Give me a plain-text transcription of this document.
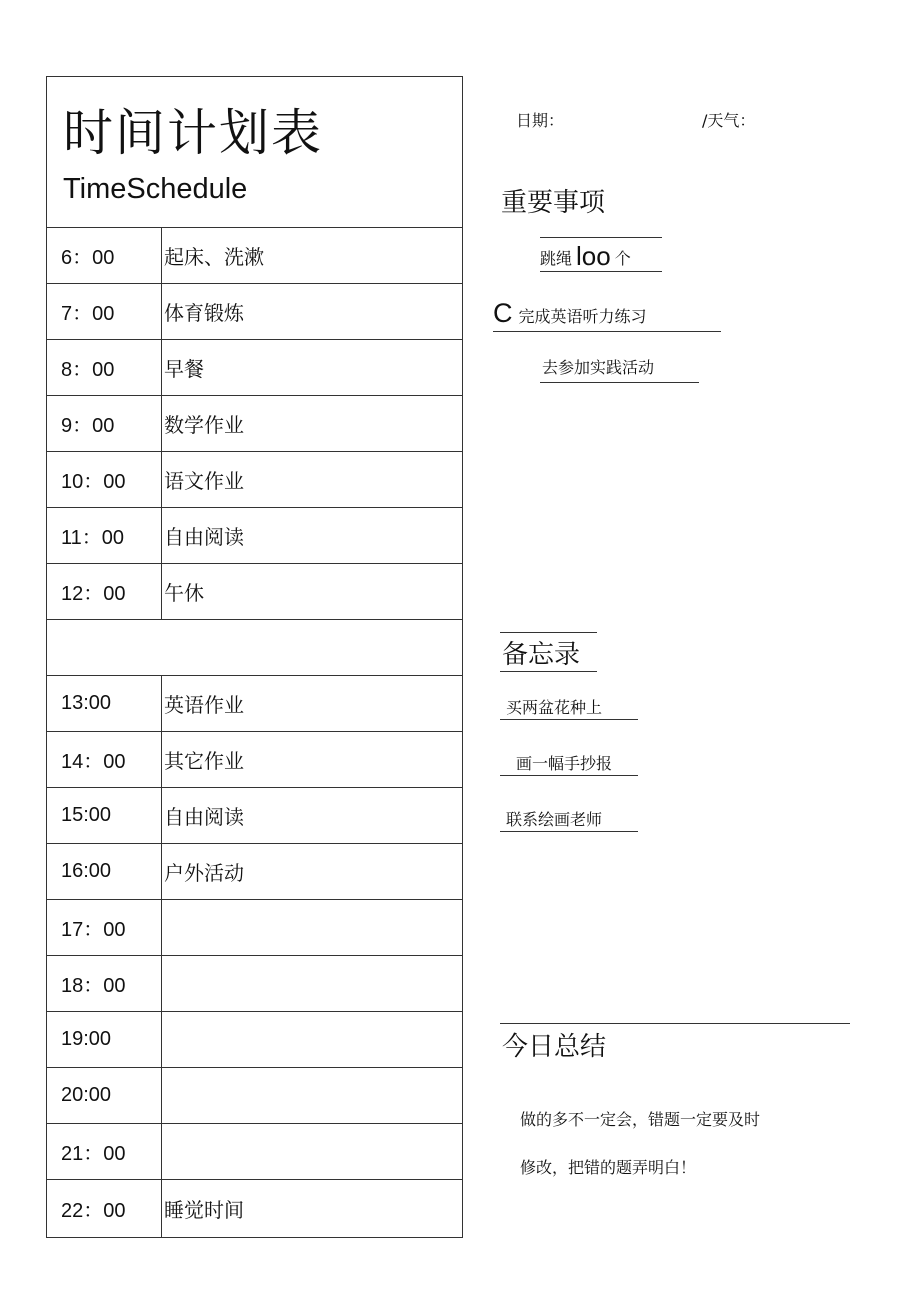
时间计划表
TimeSchedule
6：00	起床、洗漱
7：00	体育锻炼
8：00	早餐
9：00	数学作业
10：00	语文作业
11：00	自由阅读
12：00	午休
13:00	英语作业
14：00	其它作业
15:00	自由阅读
16:00	户外活动
17：00
18：00
19:00
20:00
21：00
22：00	睡觉时间
日期：	/天气：
重要事项
跳绳 loo 个
C 完成英语听力练习
去参加实践活动
备忘录
买两盆花种上
画一幅手抄报
联系绘画老师
今日总结
做的多不一定会，错题一定要及时
修改，把错的题弄明白！
